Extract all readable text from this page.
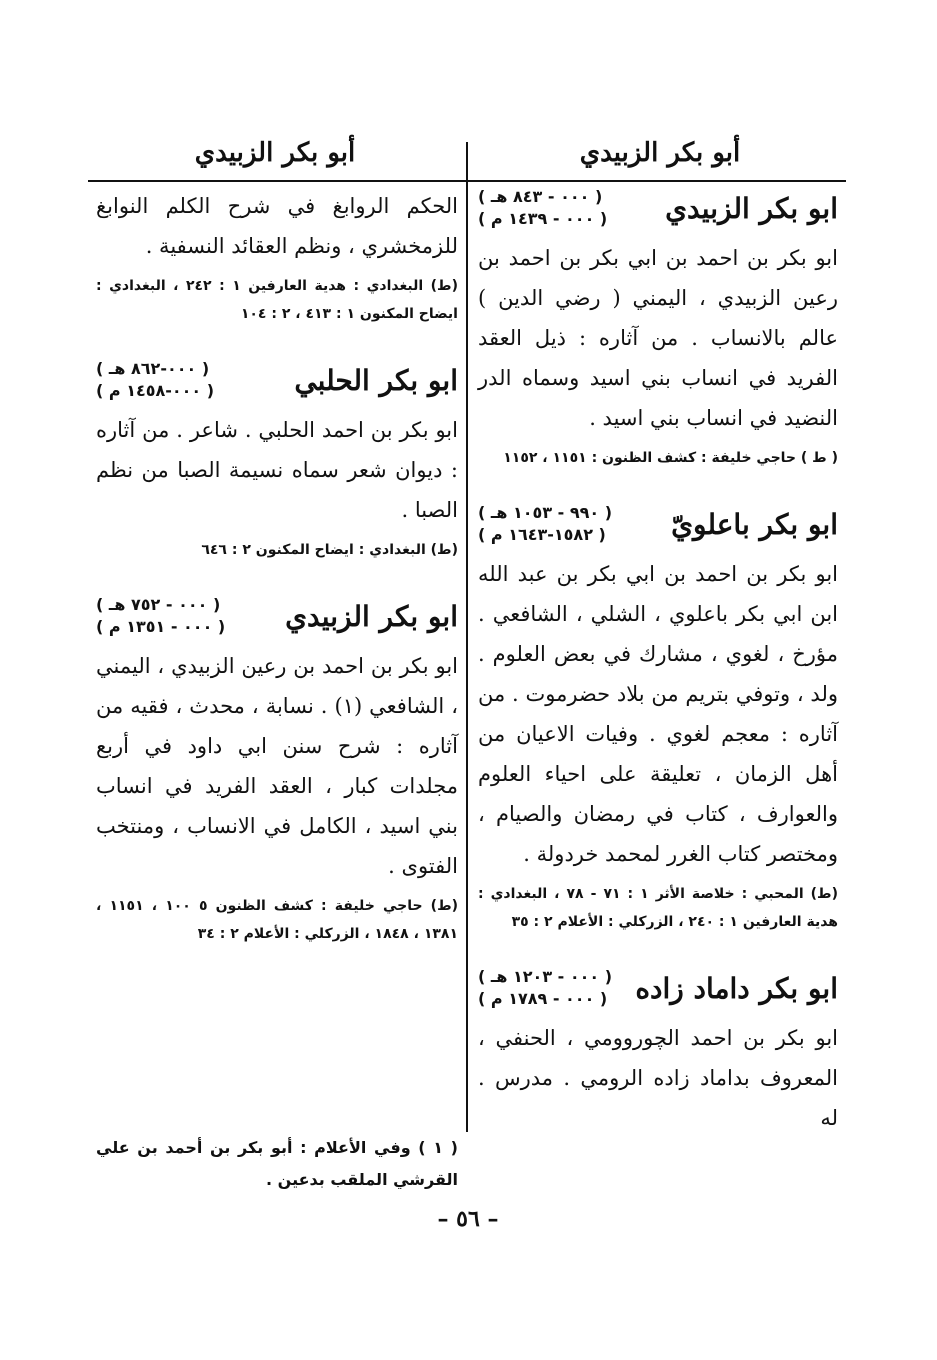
أبو بكر الزبيدي	أبو بكر الزبيدي
ابو بكر الزبيدي
( ٠٠٠ - ٨٤٣ هـ )
( ٠٠٠ - ١٤٣٩ م )

ابو بكر بن احمد بن ابي بكر بن احمد بن رعين الزبيدي ، اليمني ( رضي الدين ) عالم بالانساب . من آثاره : ذيل العقد الفريد في انساب بني اسيد وسماه الدر النضيد في انساب بني اسيد .

( ط ) حاجي خليفة : كشف الظنون : ١١٥١ ، ١١٥٢

ابو بكر باعلويّ
( ٩٩٠ - ١٠٥٣ هـ )
( ١٥٨٢-١٦٤٣ م )

ابو بكر بن احمد بن ابي بكر بن عبد الله ابن ابي بكر باعلوي ، الشلي ، الشافعي . مؤرخ ، لغوي ، مشارك في بعض العلوم . ولد ، وتوفي بتريم من بلاد حضرموت . من آثاره : معجم لغوي . وفيات الاعيان من أهل الزمان ، تعليقة على احياء العلوم والعوارف ، كتاب في رمضان والصيام ، ومختصر كتاب الغرر لمحمد خردولة .

(ط) المحبي : خلاصة الأثر ١ : ٧١ - ٧٨ ، البغدادي : هدية العارفين ١ : ٢٤٠ ، الزركلي : الأعلام ٢ : ٣٥

ابو بكر داماد زاده
( ٠٠٠ - ١٢٠٣ هـ )
( ٠٠٠ - ١٧٨٩ م )

ابو بكر بن احمد الچوروومي ، الحنفي ، المعروف بداماد زاده الرومي . مدرس . له

الحكم الروابغ في شرح الكلم النوابغ للزمخشري ، ونظم العقائد النسفية .

(ط) البغدادي : هدية العارفين ١ : ٢٤٢ ، البغدادي : ايضاح المكنون ١ : ٤١٣ ، ٢ : ١٠٤

ابو بكر الحلبي
( ٠٠٠-٨٦٢ هـ )
( ٠٠٠-١٤٥٨ م )

ابو بكر بن احمد الحلبي . شاعر . من آثاره : ديوان شعر سماه نسيمة الصبا من نظم الصبا .

(ط) البغدادي : ايضاح المكنون ٢ : ٦٤٦

ابو بكر الزبيدي
( ٠٠٠ - ٧٥٢ هـ )
( ٠٠٠ - ١٣٥١ م )

ابو بكر بن احمد بن رعين الزبيدي ، اليمني ، الشافعي (١) . نسابة ، محدث ، فقيه من آثاره : شرح سنن ابي داود في أربع مجلدات كبار ، العقد الفريد في انساب بني اسيد ، الكامل في الانساب ، ومنتخب الفتوى .

(ط) حاجي خليفة : كشف الظنون ٥ ١٠٠ ، ١١٥١ ، ١٣٨١ ، ١٨٤٨ ، الزركلي : الأعلام ٢ : ٣٤

( ١ ) وفي الأعلام : أبو بكر بن أحمد بن علي القرشي الملقب بدعين .
– ٥٦ –
